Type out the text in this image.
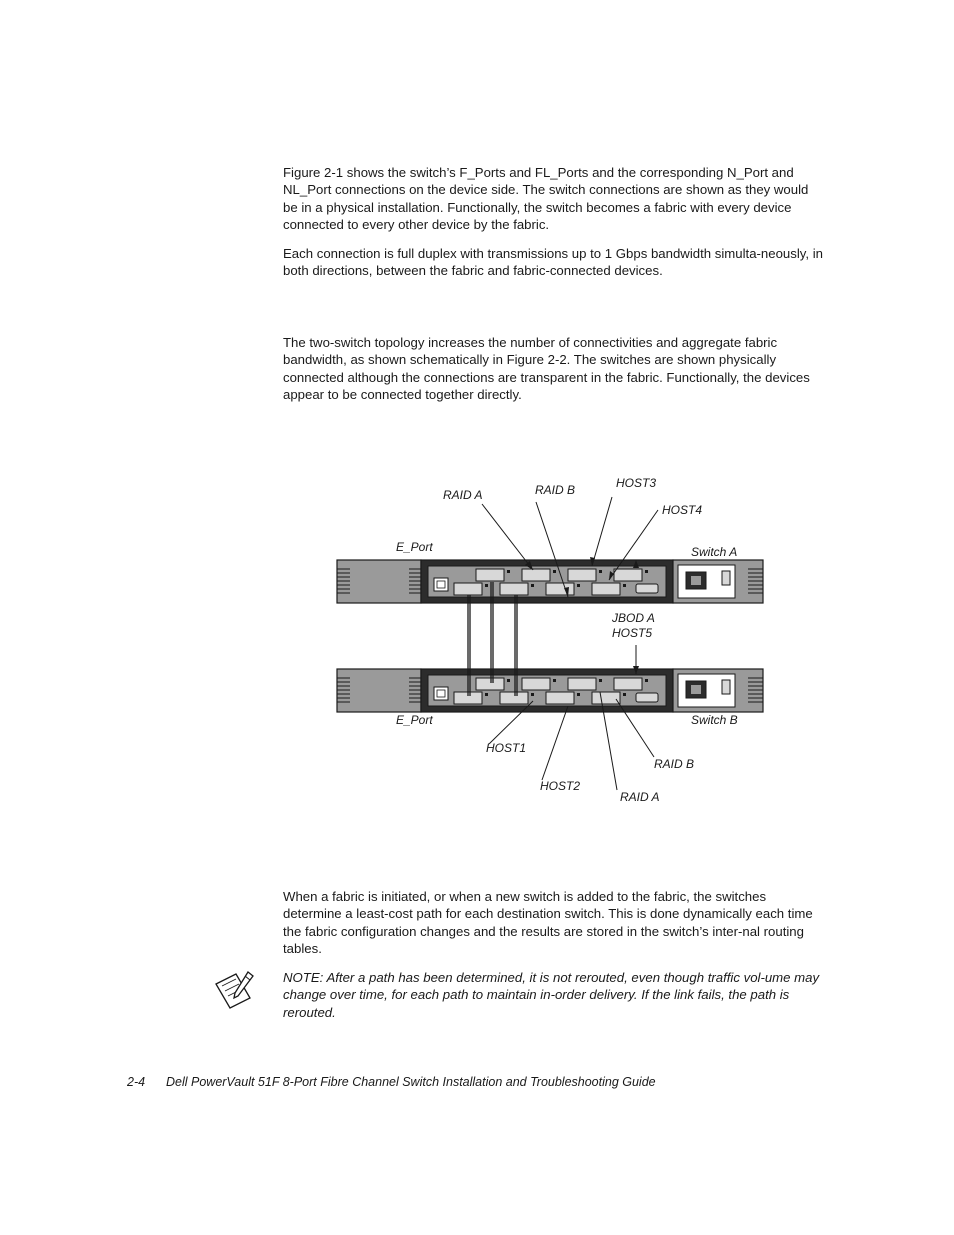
Figure 2-1 shows the switch’s F_Ports and FL_Ports and the corresponding N_Port and NL_Port connections on the device side. The switch connections are shown as they would be in a physical installation. Functionally, the switch becomes a fabric with every device connected to every other device by the fabric.

Each connection is full duplex with transmissions up to 1 Gbps bandwidth simulta-neously, in both directions, between the fabric and fabric-connected devices.

The two-switch topology increases the number of connectivities and aggregate fabric bandwidth, as shown schematically in Figure 2-2. The switches are shown physically connected although the connections are transparent in the fabric. Functionally, the devices appear to be connected together directly.

RAID A	RAID B	HOST3
HOST4
E_Port	Switch A
JBOD A
HOST5
E_Port	Switch B
HOST1
RAID B
HOST2
RAID A

When a fabric is initiated, or when a new switch is added to the fabric, the switches determine a least-cost path for each destination switch. This is done dynamically each time the fabric configuration changes and the results are stored in the switch’s inter-nal routing tables.

NOTE: After a path has been determined, it is not rerouted, even though traffic vol-ume may change over time, for each path to maintain in-order delivery. If the link fails, the path is rerouted.

2-4 Dell PowerVault 51F 8-Port Fibre Channel Switch Installation and Troubleshooting Guide
